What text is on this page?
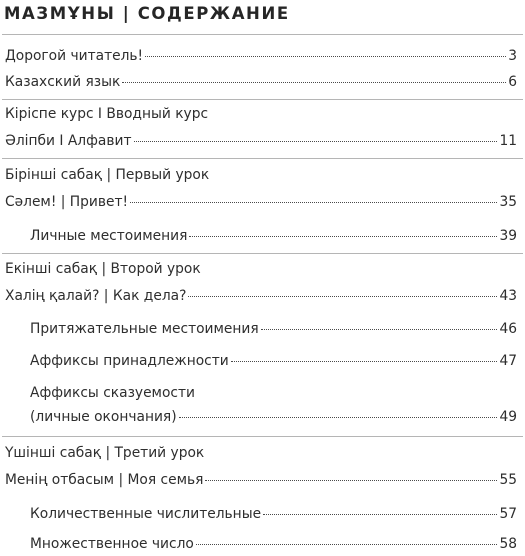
МАЗМҰНЫ | СОДЕРЖАНИЕ
Дорогой читатель!	3
Казахский язык	6
Кіріспе курс I Вводный курс
Әліпби I Алфавит	11
Бірінші сабақ | Первый урок
Сәлем! | Привет!	35
Личные местоимения	39
Екінші сабақ | Второй урок
Халің қалай? | Как дела?	43
Притяжательные местоимения	46
Аффиксы принадлежности	47
Аффиксы сказуемости
(личные окончания)	49
Үшінші сабақ | Третий урок
Менің отбасым | Моя семья	55
Количественные числительные	57
Множественное число	58
